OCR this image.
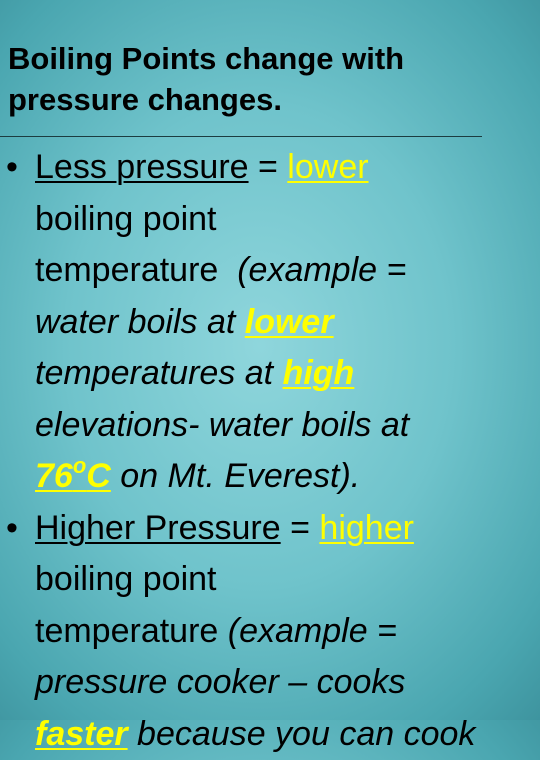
Boiling Points change with
pressure changes.
• Less pressure = lower
boiling point
temperature  (example =
water boils at lower
temperatures at high
elevations- water boils at
76$^o$C on Mt. Everest).
• Higher Pressure = higher
boiling point
temperature (example =
pressure cooker – cooks
faster because you can cook
